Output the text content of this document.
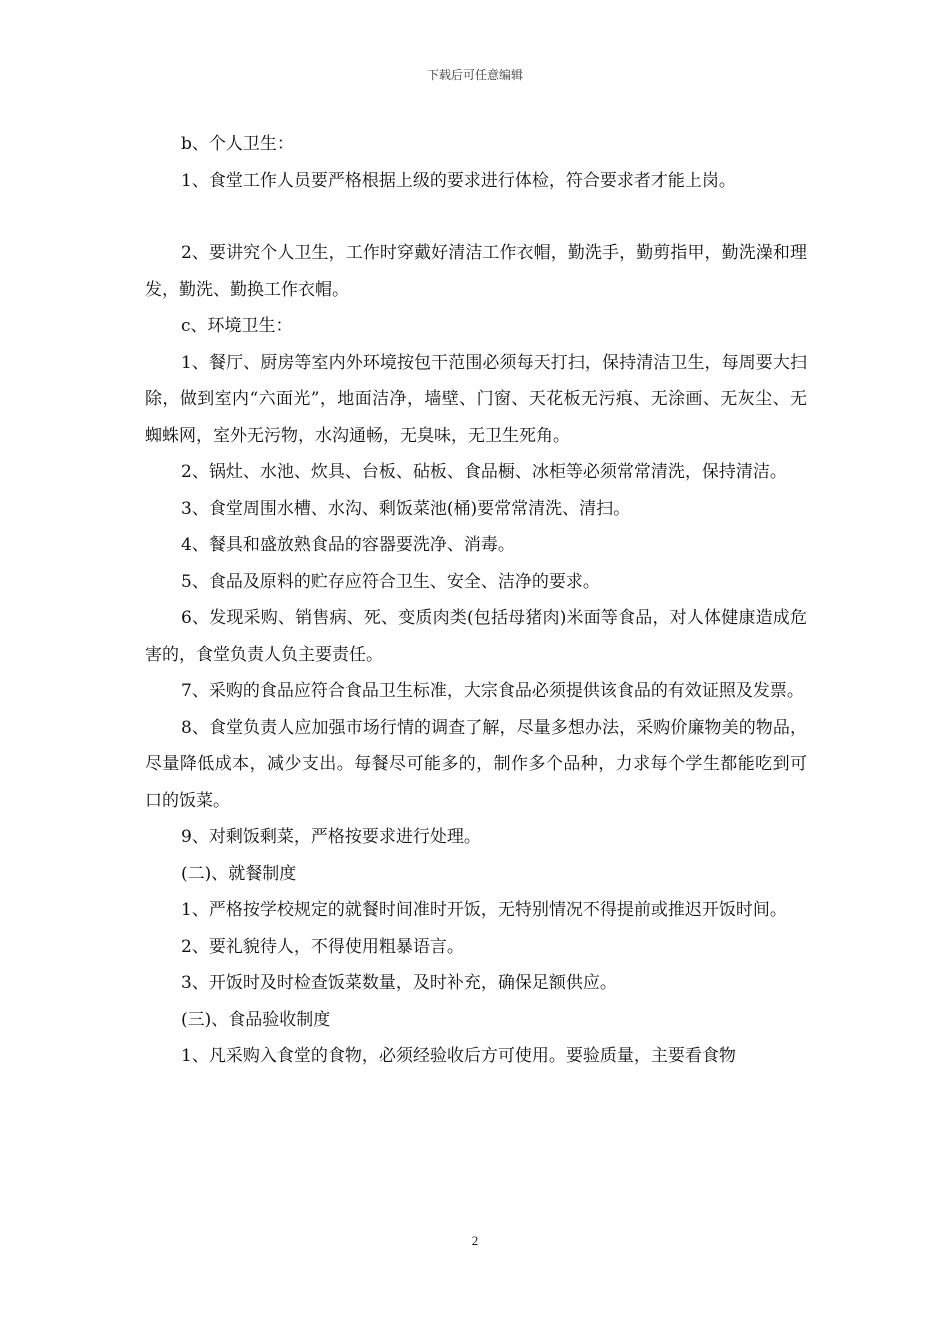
下载后可任意编辑

b、个人卫生：

1、食堂工作人员要严格根据上级的要求进行体检，符合要求者才能上岗。

2、要讲究个人卫生，工作时穿戴好清洁工作衣帽，勤洗手，勤剪指甲，勤洗澡和理发，勤洗、勤换工作衣帽。

c、环境卫生：

1、餐厅、厨房等室内外环境按包干范围必须每天打扫，保持清洁卫生，每周要大扫除，做到室内“六面光”，地面洁净，墙壁、门窗、天花板无污痕、无涂画、无灰尘、无蜘蛛网，室外无污物，水沟通畅，无臭味，无卫生死角。

2、锅灶、水池、炊具、台板、砧板、食品橱、冰柜等必须常常清洗，保持清洁。

3、食堂周围水槽、水沟、剩饭菜池(桶)要常常清洗、清扫。

4、餐具和盛放熟食品的容器要洗净、消毒。

5、食品及原料的贮存应符合卫生、安全、洁净的要求。

6、发现采购、销售病、死、变质肉类(包括母猪肉)米面等食品，对人体健康造成危害的，食堂负责人负主要责任。

7、采购的食品应符合食品卫生标准，大宗食品必须提供该食品的有效证照及发票。

8、食堂负责人应加强市场行情的调查了解，尽量多想办法，采购价廉物美的物品，尽量降低成本，减少支出。每餐尽可能多的，制作多个品种，力求每个学生都能吃到可口的饭菜。

9、对剩饭剩菜，严格按要求进行处理。

(二)、就餐制度

1、严格按学校规定的就餐时间准时开饭，无特别情况不得提前或推迟开饭时间。

2、要礼貌待人，不得使用粗暴语言。

3、开饭时及时检查饭菜数量，及时补充，确保足额供应。

(三)、食品验收制度

1、凡采购入食堂的食物，必须经验收后方可使用。要验质量，主要看食物

2
